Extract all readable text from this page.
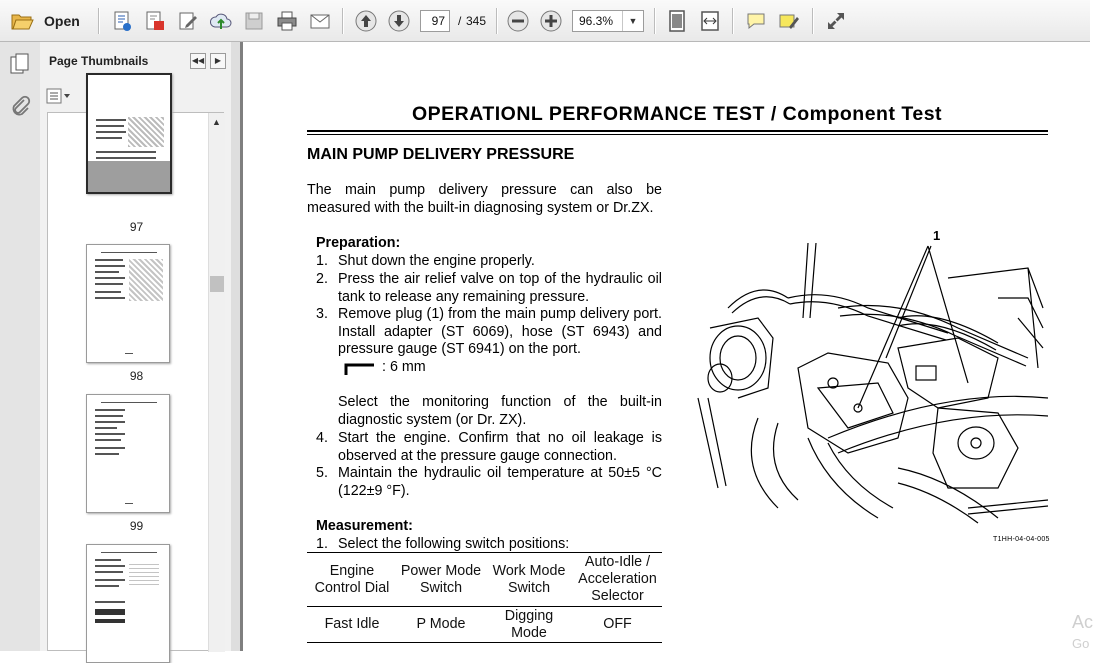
Open	97	/ 345	96.3%	▼
Page Thumbnails	◀◀	▶
97
98
99
▲	OPERATIONL PERFORMANCE TEST / Component Test
MAIN PUMP DELIVERY PRESSURE
The main pump delivery pressure can also be measured with the built-in diagnosing system or Dr.ZX.
Preparation:
1. Shut down the engine properly.
2. Press the air relief valve on top of the hydraulic oil tank to release any remaining pressure.
3. Remove plug (1) from the main pump delivery port. Install adapter (ST 6069), hose (ST 6943) and pressure gauge (ST 6941) on the port.
: 6 mm
Select the monitoring function of the built-in diagnostic system (or Dr. ZX).
4. Start the engine. Confirm that no oil leakage is observed at the pressure gauge connection.
5. Maintain the hydraulic oil temperature at 50±5 °C (122±9 °F).
Measurement:
1. Select the following switch positions:
Engine Control Dial	Power Mode Switch	Work Mode Switch	Auto-Idle / Acceleration Selector
Fast Idle	P Mode	Digging Mode	OFF
1
T1HH-04-04-005
Ac
Go
